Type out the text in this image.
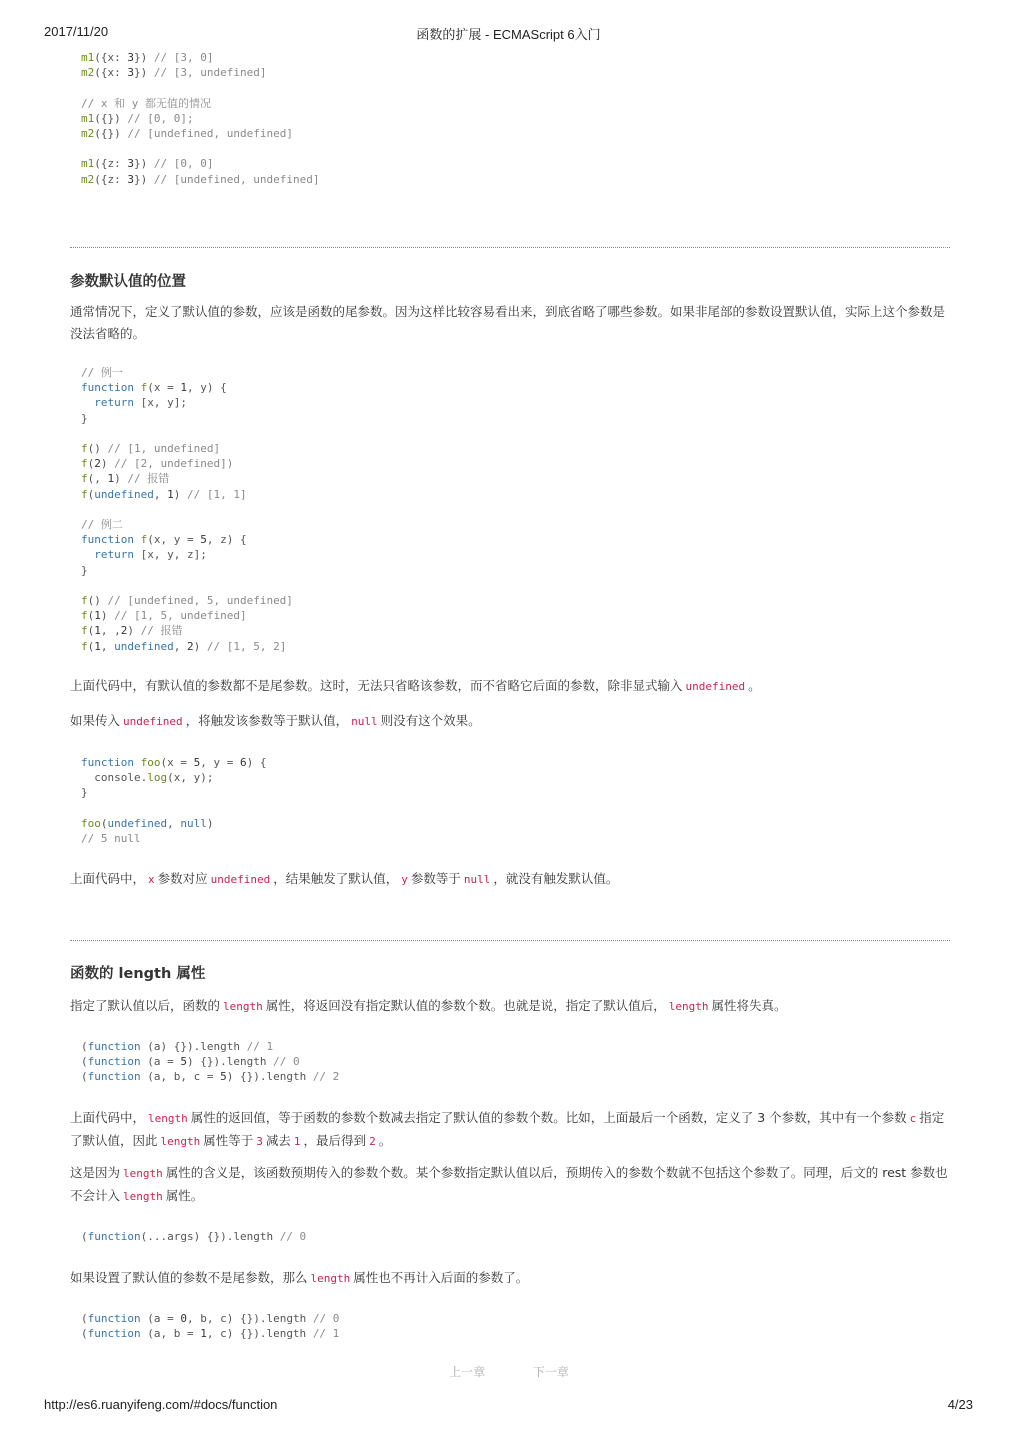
2017/11/20	函数的扩展 - ECMAScript 6入门
m1({x: 3}) // [3, 0]
m2({x: 3}) // [3, undefined]

// x 和 y 都无值的情况
m1({}) // [0, 0];
m2({}) // [undefined, undefined]

m1({z: 3}) // [0, 0]
m2({z: 3}) // [undefined, undefined]
参数默认值的位置

通常情况下，定义了默认值的参数，应该是函数的尾参数。因为这样比较容易看出来，到底省略了哪些参数。如果非尾部的参数设置默认值，实际上这个参数是没法省略的。

// 例一
function f(x = 1, y) {
return [x, y];
}

f() // [1, undefined]
f(2) // [2, undefined])
f(, 1) // 报错
f(undefined, 1) // [1, 1]

// 例二
function f(x, y = 5, z) {
return [x, y, z];
}

f() // [undefined, 5, undefined]
f(1) // [1, 5, undefined]
f(1, ,2) // 报错
f(1, undefined, 2) // [1, 5, 2]

上面代码中，有默认值的参数都不是尾参数。这时，无法只省略该参数，而不省略它后面的参数，除非显式输入 undefined 。

如果传入 undefined ，将触发该参数等于默认值， null 则没有这个效果。

function foo(x = 5, y = 6) {
console.log(x, y);
}

foo(undefined, null)
// 5 null

上面代码中， x 参数对应 undefined ，结果触发了默认值， y 参数等于 null ，就没有触发默认值。

函数的 length 属性

指定了默认值以后，函数的 length 属性，将返回没有指定默认值的参数个数。也就是说，指定了默认值后， length 属性将失真。

(function (a) {}).length // 1
(function (a = 5) {}).length // 0
(function (a, b, c = 5) {}).length // 2

上面代码中， length 属性的返回值，等于函数的参数个数减去指定了默认值的参数个数。比如，上面最后一个函数，定义了 3 个参数，其中有一个参数 c 指定了默认值，因此 length 属性等于 3 减去 1 ，最后得到 2 。

这是因为 length 属性的含义是，该函数预期传入的参数个数。某个参数指定默认值以后，预期传入的参数个数就不包括这个参数了。同理，后文的 rest 参数也不会计入 length 属性。

(function(...args) {}).length // 0

如果设置了默认值的参数不是尾参数，那么 length 属性也不再计入后面的参数了。

(function (a = 0, b, c) {}).length // 0
(function (a, b = 1, c) {}).length // 1
上一章	下一章
http://es6.ruanyifeng.com/#docs/function	4/23
